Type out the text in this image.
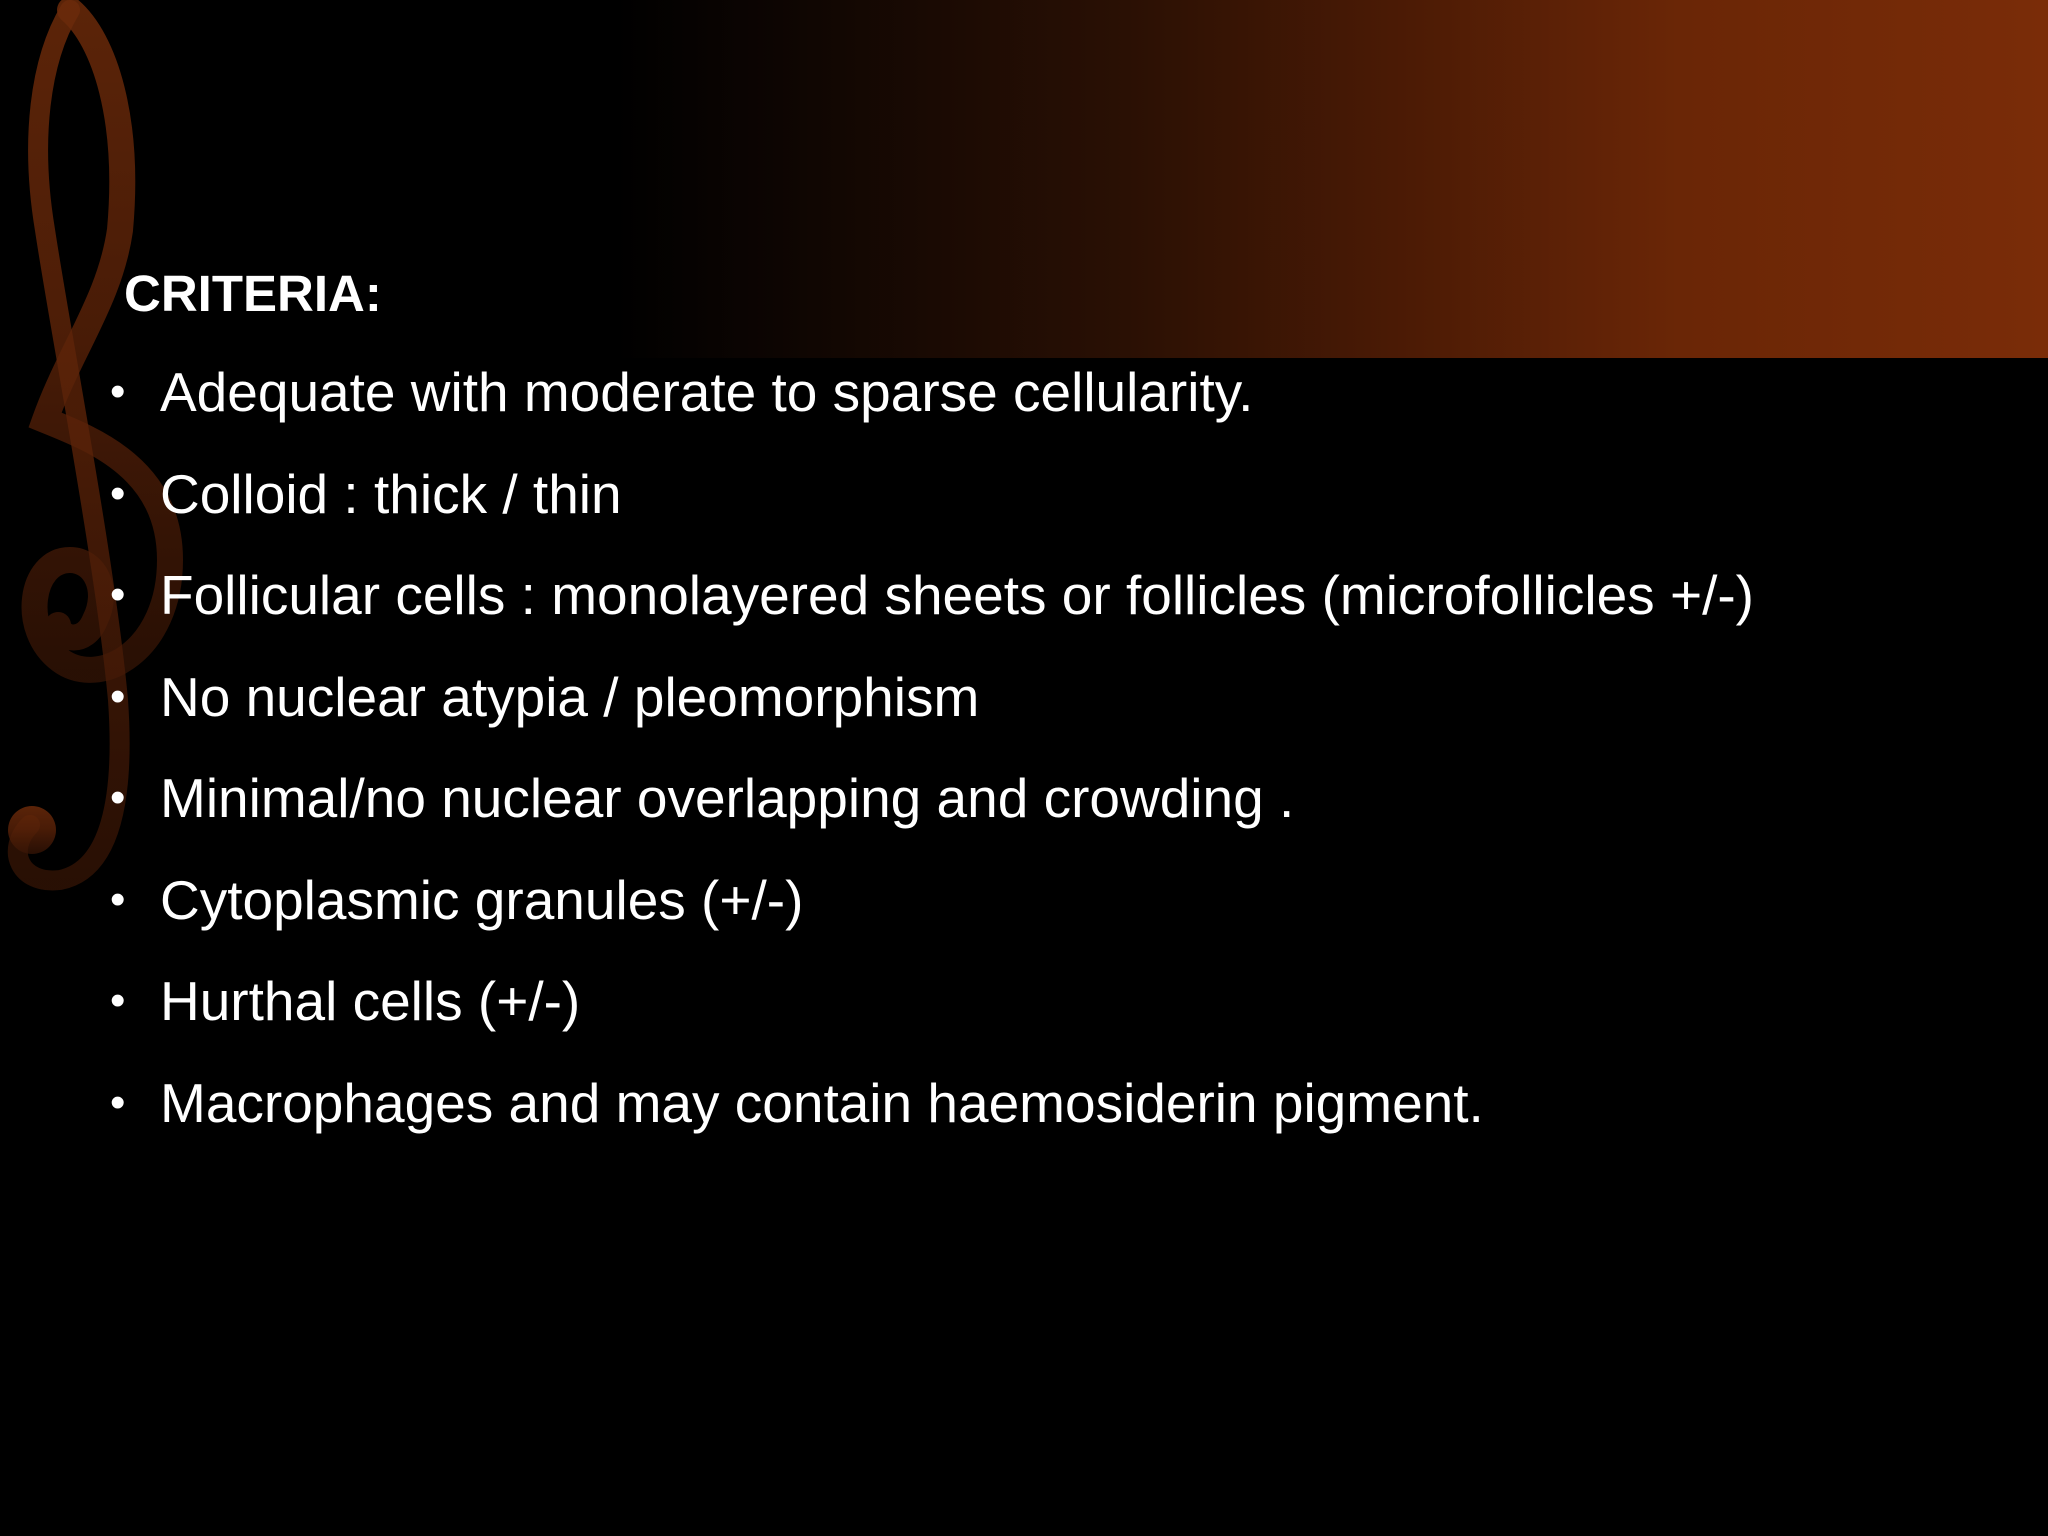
CRITERIA:
• Adequate with moderate to sparse cellularity.
• Colloid : thick / thin
• Follicular cells : monolayered sheets or follicles (microfollicles +/-)
• No nuclear atypia / pleomorphism
• Minimal/no nuclear overlapping and crowding .
• Cytoplasmic granules (+/-)
• Hurthal cells (+/-)
• Macrophages and may contain haemosiderin pigment.
